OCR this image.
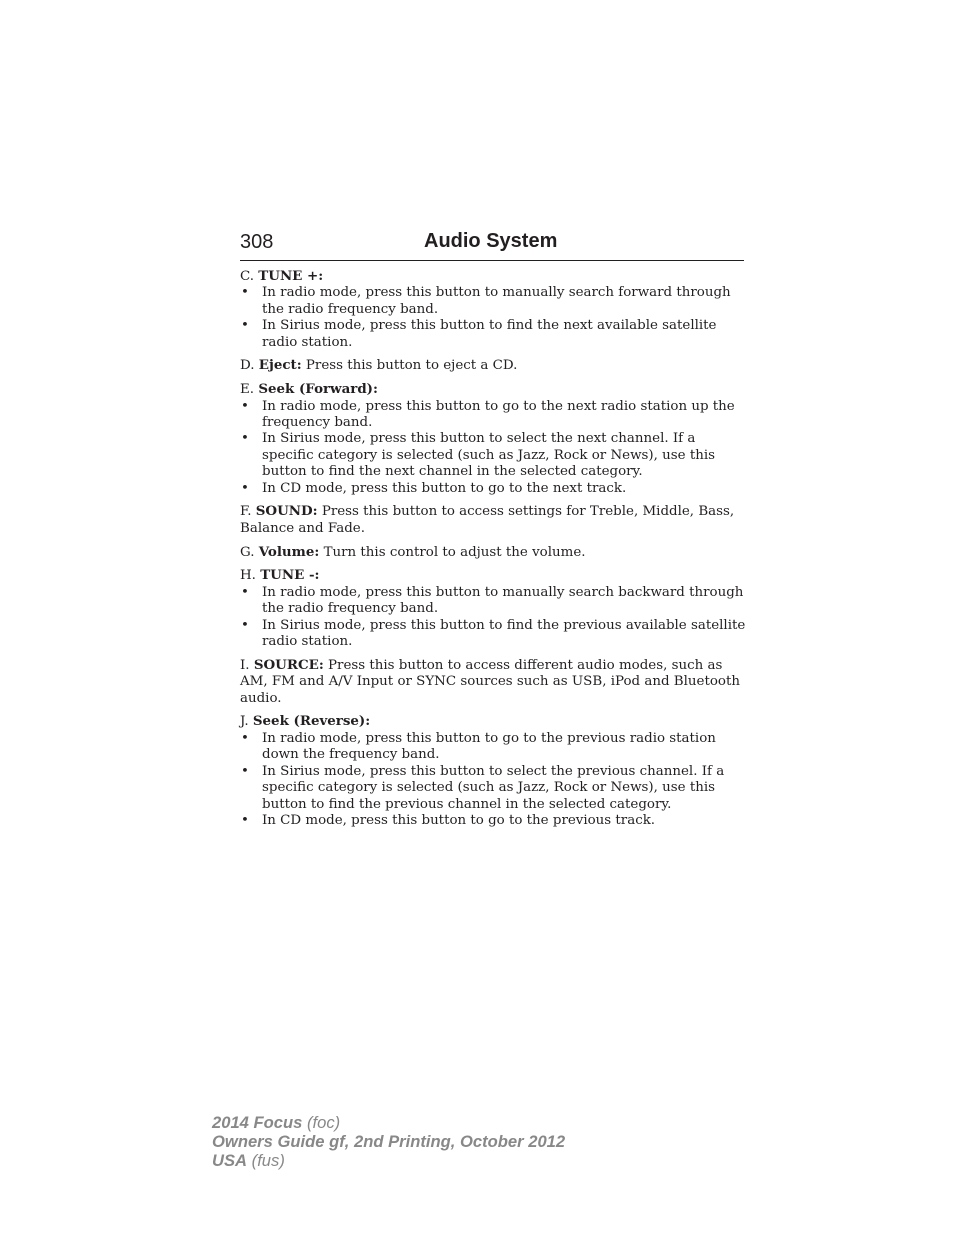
308	Audio System

C. TUNE +:

• In radio mode, press this button to manually search forward through the radio frequency band.
• In Sirius mode, press this button to find the next available satellite radio station.

D. Eject: Press this button to eject a CD.

E. Seek (Forward):

• In radio mode, press this button to go to the next radio station up the frequency band.
• In Sirius mode, press this button to select the next channel. If a specific category is selected (such as Jazz, Rock or News), use this button to find the next channel in the selected category.
• In CD mode, press this button to go to the next track.

F. SOUND: Press this button to access settings for Treble, Middle, Bass, Balance and Fade.

G. Volume: Turn this control to adjust the volume.

H. TUNE -:

• In radio mode, press this button to manually search backward through the radio frequency band.
• In Sirius mode, press this button to find the previous available satellite radio station.

I. SOURCE: Press this button to access different audio modes, such as AM, FM and A/V Input or SYNC sources such as USB, iPod and Bluetooth audio.

J. Seek (Reverse):

• In radio mode, press this button to go to the previous radio station down the frequency band.
• In Sirius mode, press this button to select the previous channel. If a specific category is selected (such as Jazz, Rock or News), use this button to find the previous channel in the selected category.
• In CD mode, press this button to go to the previous track.
2014 Focus (foc)
Owners Guide gf, 2nd Printing, October 2012
USA (fus)
